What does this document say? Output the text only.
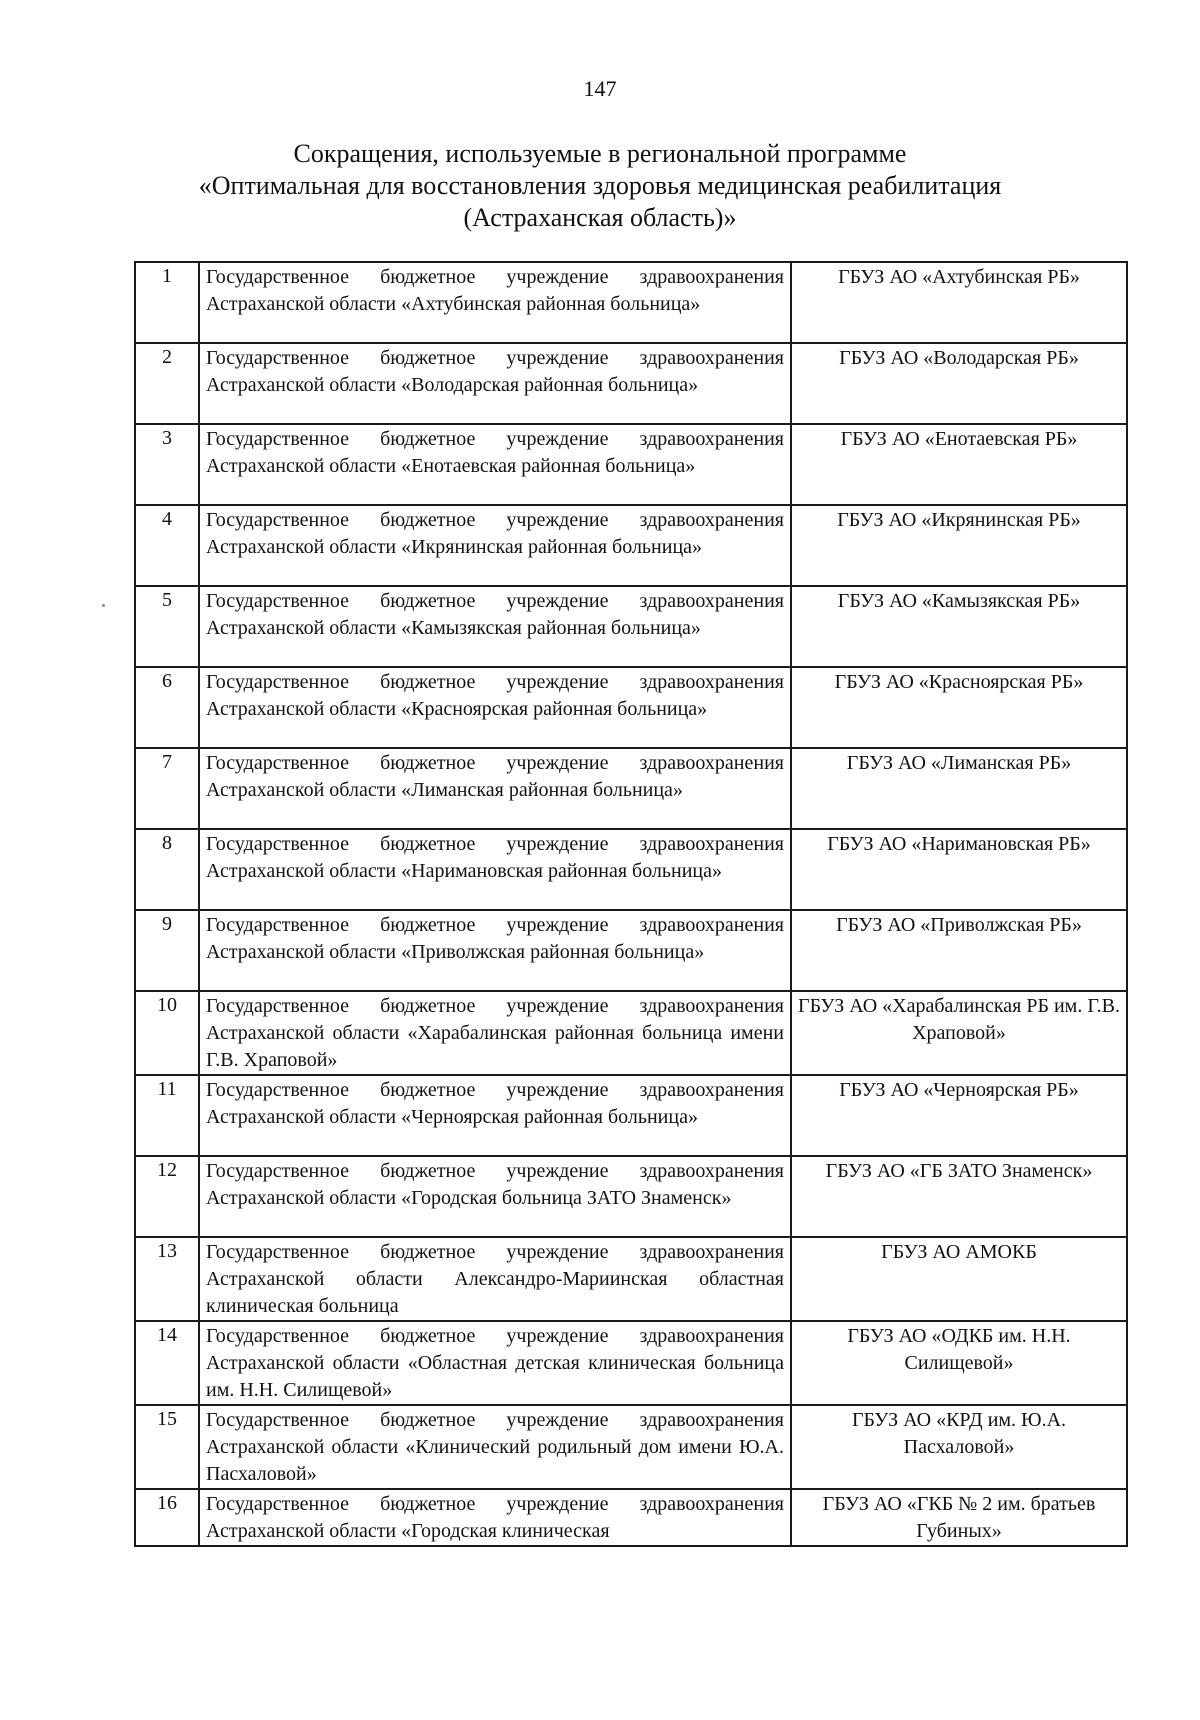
147
Сокращения, используемые в региональной программе
«Оптимальная для восстановления здоровья медицинская реабилитация
(Астраханская область)»
1	Государственное бюджетное учреждение здравоохранения Астраханской области «Ахтубинская районная больница»	ГБУЗ АО «Ахтубинская РБ»
2	Государственное бюджетное учреждение здравоохранения Астраханской области «Володарская районная больница»	ГБУЗ АО «Володарская РБ»
3	Государственное бюджетное учреждение здравоохранения Астраханской области «Енотаевская районная больница»	ГБУЗ АО «Енотаевская РБ»
4	Государственное бюджетное учреждение здравоохранения Астраханской области «Икрянинская районная больница»	ГБУЗ АО «Икрянинская РБ»
5	Государственное бюджетное учреждение здравоохранения Астраханской области «Камызякская районная больница»	ГБУЗ АО «Камызякская РБ»
6	Государственное бюджетное учреждение здравоохранения Астраханской области «Красноярская районная больница»	ГБУЗ АО «Красноярская РБ»
7	Государственное бюджетное учреждение здравоохранения Астраханской области «Лиманская районная больница»	ГБУЗ АО «Лиманская РБ»
8	Государственное бюджетное учреждение здравоохранения Астраханской области «Наримановская районная больница»	ГБУЗ АО «Наримановская РБ»
9	Государственное бюджетное учреждение здравоохранения Астраханской области «Приволжская районная больница»	ГБУЗ АО «Приволжская РБ»
10	Государственное бюджетное учреждение здравоохранения Астраханской области «Харабалинская районная больница имени Г.В. Храповой»	ГБУЗ АО «Харабалинская РБ им. Г.В. Храповой»
11	Государственное бюджетное учреждение здравоохранения Астраханской области «Черноярская районная больница»	ГБУЗ АО «Черноярская РБ»
12	Государственное бюджетное учреждение здравоохранения Астраханской области «Городская больница ЗАТО Знаменск»	ГБУЗ АО «ГБ ЗАТО Знаменск»
13	Государственное бюджетное учреждение здравоохранения Астраханской области Александро-Мариинская областная клиническая больница	ГБУЗ АО АМОКБ
14	Государственное бюджетное учреждение здравоохранения Астраханской области «Областная детская клиническая больница им. Н.Н. Силищевой»	ГБУЗ АО «ОДКБ им. Н.Н. Силищевой»
15	Государственное бюджетное учреждение здравоохранения Астраханской области «Клинический родильный дом имени Ю.А. Пасхаловой»	ГБУЗ АО «КРД им. Ю.А. Пасхаловой»
16	Государственное бюджетное учреждение здравоохранения Астраханской области «Городская клиническая	ГБУЗ АО «ГКБ № 2 им. братьев Губиных»
